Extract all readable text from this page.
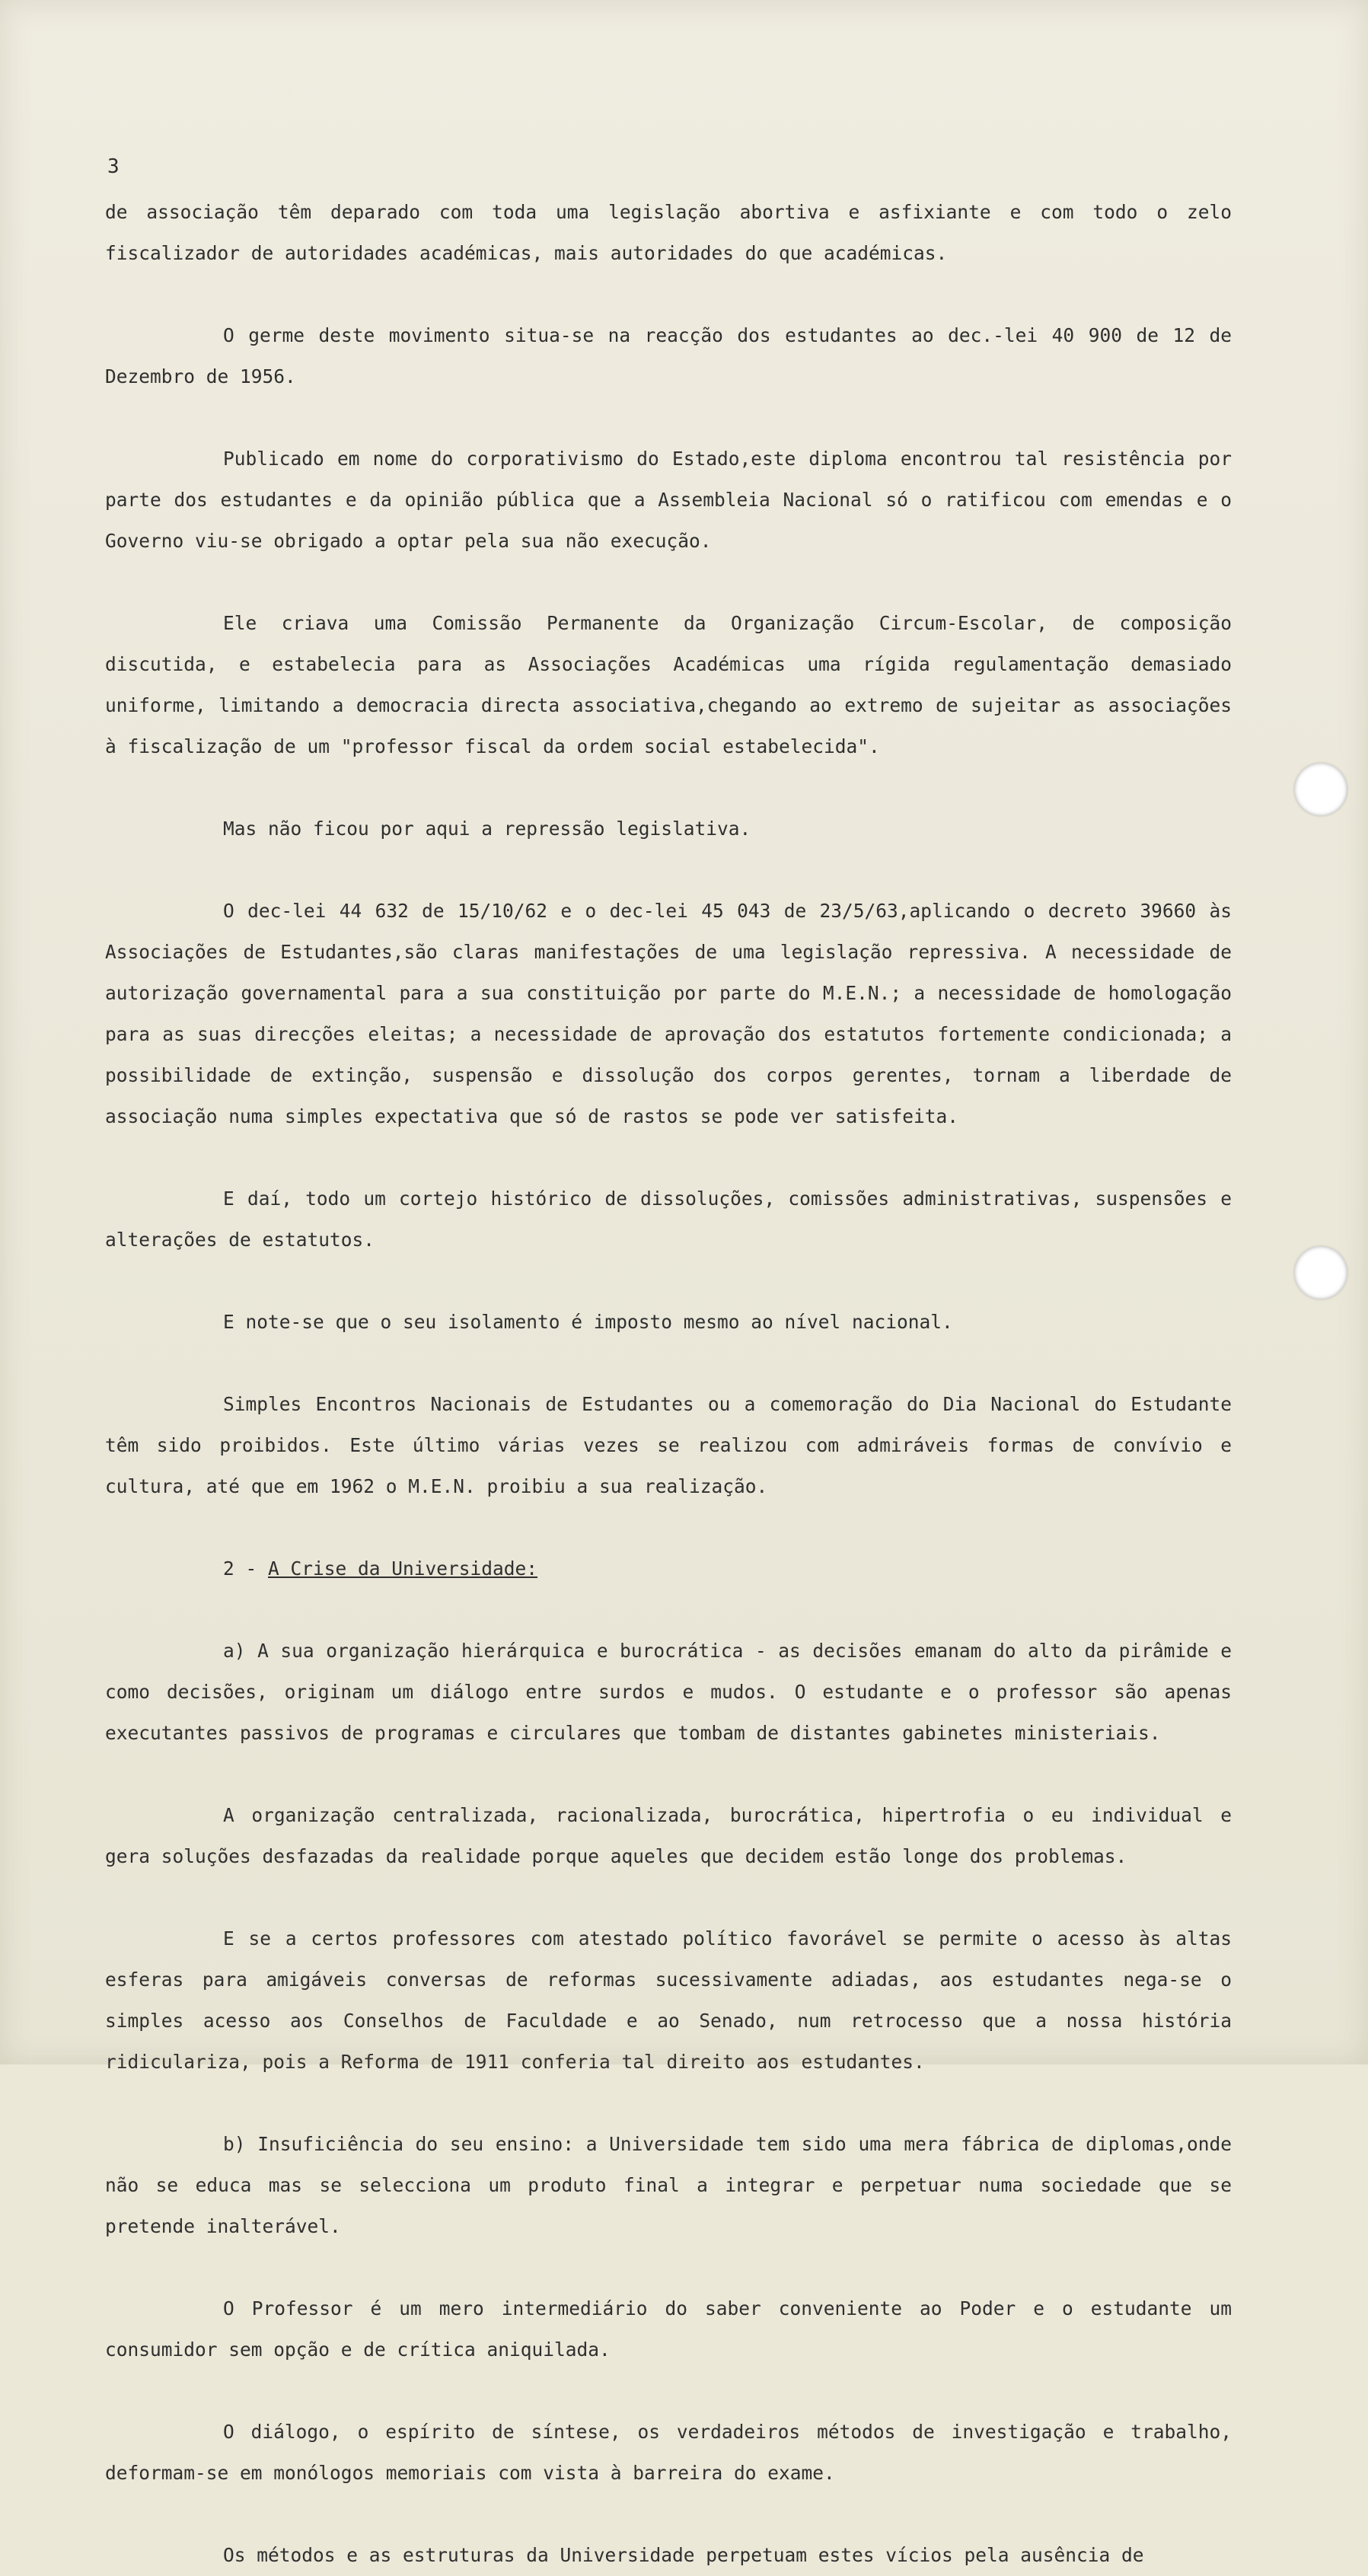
3

de associação têm deparado com toda uma legislação abortiva e asfixiante e com todo o zelo fiscalizador de autoridades académicas, mais autoridades do que académicas.

O germe deste movimento situa-se na reacção dos estudantes ao dec.-lei 40 900 de 12 de Dezembro de 1956.

Publicado em nome do corporativismo do Estado,este diploma encontrou tal resistência por parte dos estudantes e da opinião pública que a Assembleia Nacional só o ratificou com emendas e o Governo viu-se obrigado a optar pela sua não execução.

Ele criava uma Comissão Permanente da Organização Circum-Escolar, de composição discutida, e estabelecia para as Associações Académicas uma rígida regulamentação demasiado uniforme, limitando a democracia directa associativa,chegando ao extremo de sujeitar as associações à fiscalização de um "professor fiscal da ordem social estabelecida".

Mas não ficou por aqui a repressão legislativa.

O dec-lei 44 632 de 15/10/62 e o dec-lei 45 043 de 23/5/63,aplicando o decreto 39660 às Associações de Estudantes,são claras manifestações de uma legislação repressiva. A necessidade de autorização governamental para a sua constituição por parte do M.E.N.; a necessidade de homologação para as suas direcções eleitas; a necessidade de aprovação dos estatutos fortemente condicionada; a possibilidade de extinção, suspensão e dissolução dos corpos gerentes, tornam a liberdade de associação numa simples expectativa que só de rastos se pode ver satisfeita.

E daí, todo um cortejo histórico de dissoluções, comissões administrativas, suspensões e alterações de estatutos.

E note-se que o seu isolamento é imposto mesmo ao nível nacional.

Simples Encontros Nacionais de Estudantes ou a comemoração do Dia Nacional do Estudante têm sido proibidos. Este último várias vezes se realizou com admiráveis formas de convívio e cultura, até que em 1962 o M.E.N. proibiu a sua realização.

2 - A Crise da Universidade:

a) A sua organização hierárquica e burocrática - as decisões emanam do alto da pirâmide e como decisões, originam um diálogo entre surdos e mudos. O estudante e o professor são apenas executantes passivos de programas e circulares que tombam de distantes gabinetes ministeriais.

A organização centralizada, racionalizada, burocrática, hipertrofia o eu individual e gera soluções desfazadas da realidade porque aqueles que decidem estão longe dos problemas.

E se a certos professores com atestado político favorável se permite o acesso às altas esferas para amigáveis conversas de reformas sucessivamente adiadas, aos estudantes nega-se o simples acesso aos Conselhos de Faculdade e ao Senado, num retrocesso que a nossa história ridiculariza, pois a Reforma de 1911 conferia tal direito aos estudantes.

b) Insuficiência do seu ensino: a Universidade tem sido uma mera fábrica de diplomas,onde não se educa mas se selecciona um produto final a integrar e perpetuar numa sociedade que se pretende inalterável.

O Professor é um mero intermediário do saber conveniente ao Poder e o estudante um consumidor sem opção e de crítica aniquilada.

O diálogo, o espírito de síntese, os verdadeiros métodos de investigação e trabalho, deformam-se em monólogos memoriais com vista à barreira do exame.

Os métodos e as estruturas da Universidade perpetuam estes vícios pela ausência de
